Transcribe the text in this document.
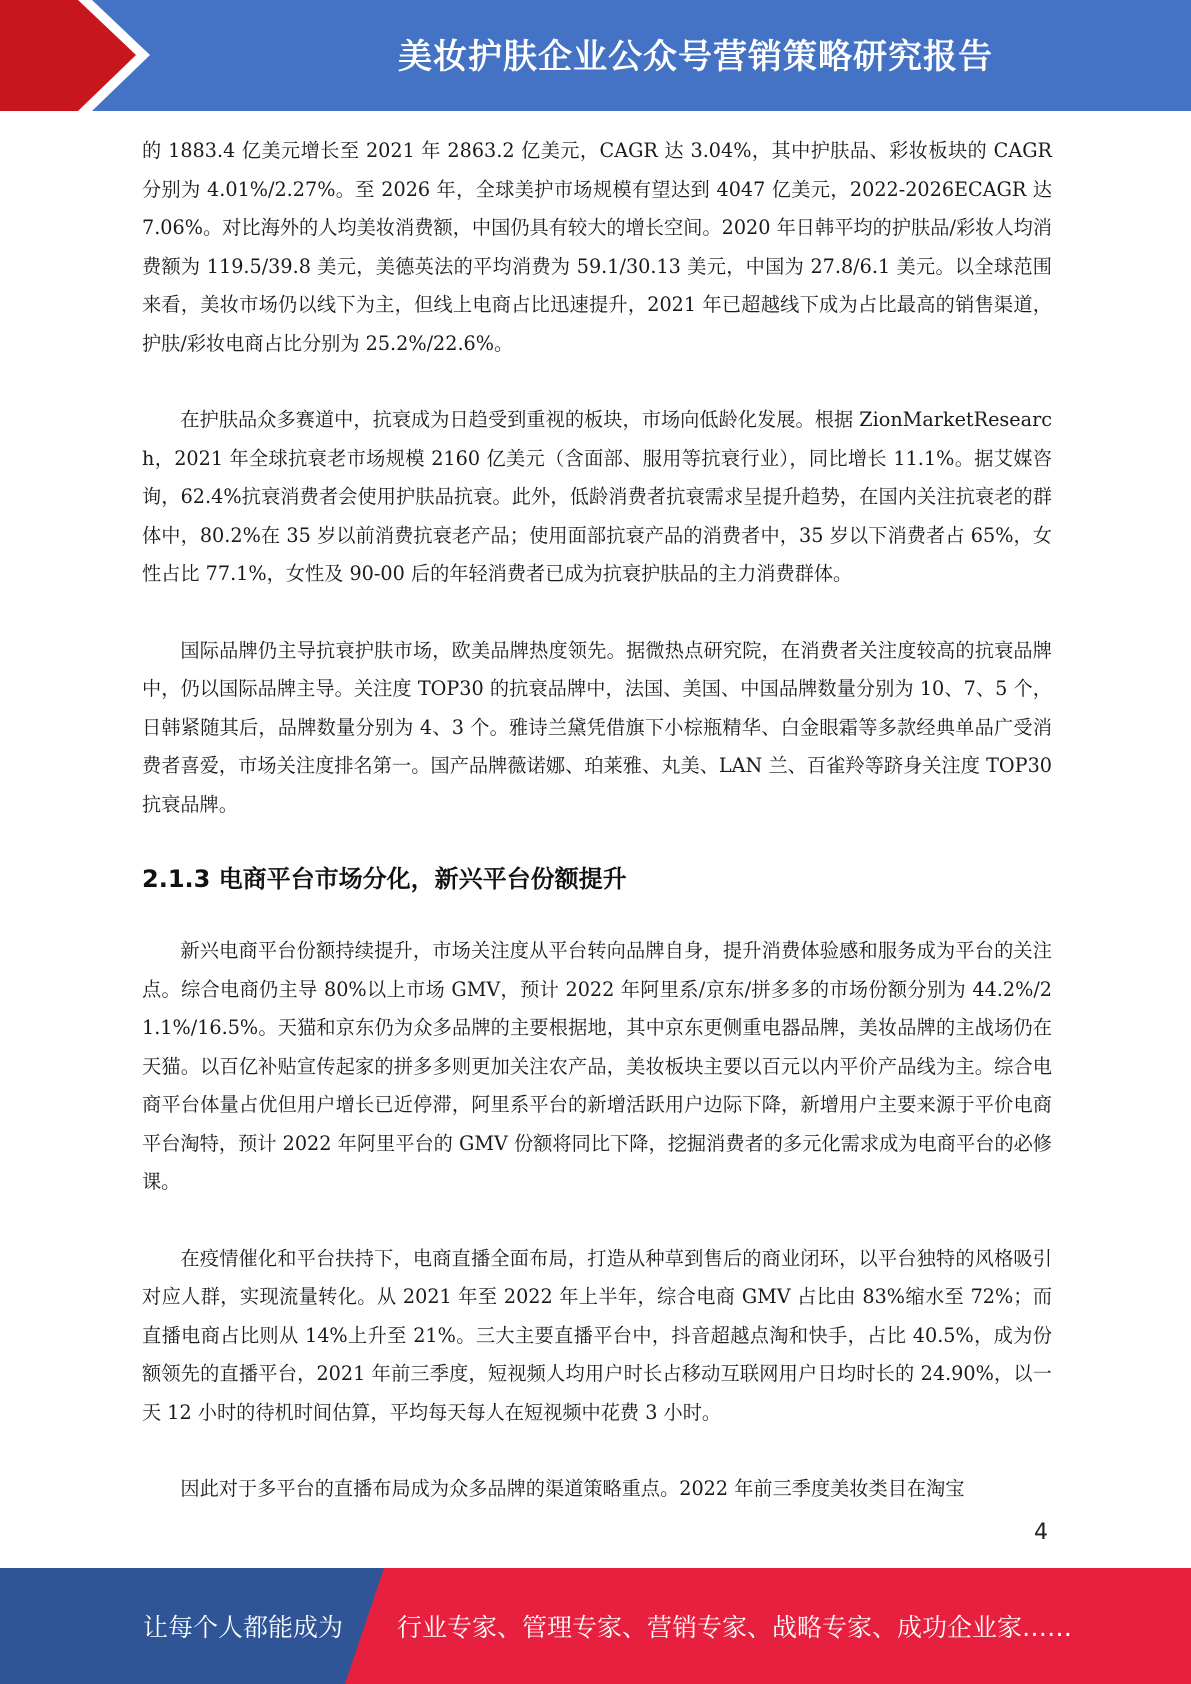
美妆护肤企业公众号营销策略研究报告

的 1883.4 亿美元增长至 2021 年 2863.2 亿美元，CAGR 达 3.04%，其中护肤品、彩妆板块的 CAGR 分别为 4.01%/2.27%。至 2026 年，全球美护市场规模有望达到 4047 亿美元，2022-2026ECAGR 达 7.06%。对比海外的人均美妆消费额，中国仍具有较大的增长空间。2020 年日韩平均的护肤品/彩妆人均消费额为 119.5/39.8 美元，美德英法的平均消费为 59.1/30.13 美元，中国为 27.8/6.1 美元。以全球范围来看，美妆市场仍以线下为主，但线上电商占比迅速提升，2021 年已超越线下成为占比最高的销售渠道，护肤/彩妆电商占比分别为 25.2%/22.6%。

在护肤品众多赛道中，抗衰成为日趋受到重视的板块，市场向低龄化发展。根据 ZionMarketResearch，2021 年全球抗衰老市场规模 2160 亿美元（含面部、服用等抗衰行业），同比增长 11.1%。据艾媒咨询，62.4%抗衰消费者会使用护肤品抗衰。此外，低龄消费者抗衰需求呈提升趋势，在国内关注抗衰老的群体中，80.2%在 35 岁以前消费抗衰老产品；使用面部抗衰产品的消费者中，35 岁以下消费者占 65%，女性占比 77.1%，女性及 90-00 后的年轻消费者已成为抗衰护肤品的主力消费群体。

国际品牌仍主导抗衰护肤市场，欧美品牌热度领先。据微热点研究院，在消费者关注度较高的抗衰品牌中，仍以国际品牌主导。关注度 TOP30 的抗衰品牌中，法国、美国、中国品牌数量分别为 10、7、5 个，日韩紧随其后，品牌数量分别为 4、3 个。雅诗兰黛凭借旗下小棕瓶精华、白金眼霜等多款经典单品广受消费者喜爱，市场关注度排名第一。国产品牌薇诺娜、珀莱雅、丸美、LAN 兰、百雀羚等跻身关注度 TOP30 抗衰品牌。

2.1.3 电商平台市场分化，新兴平台份额提升

新兴电商平台份额持续提升，市场关注度从平台转向品牌自身，提升消费体验感和服务成为平台的关注点。综合电商仍主导 80%以上市场 GMV，预计 2022 年阿里系/京东/拼多多的市场份额分别为 44.2%/21.1%/16.5%。天猫和京东仍为众多品牌的主要根据地，其中京东更侧重电器品牌，美妆品牌的主战场仍在天猫。以百亿补贴宣传起家的拼多多则更加关注农产品，美妆板块主要以百元以内平价产品线为主。综合电商平台体量占优但用户增长已近停滞，阿里系平台的新增活跃用户边际下降，新增用户主要来源于平价电商平台淘特，预计 2022 年阿里平台的 GMV 份额将同比下降，挖掘消费者的多元化需求成为电商平台的必修课。

在疫情催化和平台扶持下，电商直播全面布局，打造从种草到售后的商业闭环，以平台独特的风格吸引对应人群，实现流量转化。从 2021 年至 2022 年上半年，综合电商 GMV 占比由 83%缩水至 72%；而直播电商占比则从 14%上升至 21%。三大主要直播平台中，抖音超越点淘和快手，占比 40.5%，成为份额领先的直播平台，2021 年前三季度，短视频人均用户时长占移动互联网用户日均时长的 24.90%，以一天 12 小时的待机时间估算，平均每天每人在短视频中花费 3 小时。

因此对于多平台的直播布局成为众多品牌的渠道策略重点。2022 年前三季度美妆类目在淘宝

4
让每个人都能成为 行业专家、管理专家、营销专家、战略专家、成功企业家……
